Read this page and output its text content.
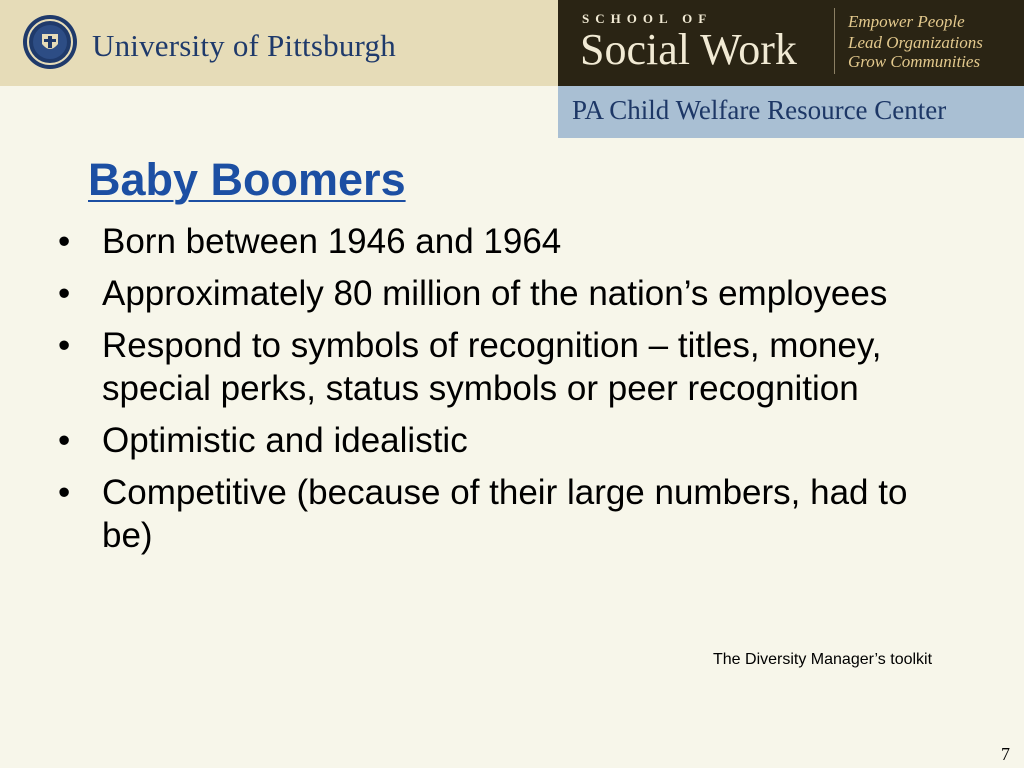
University of Pittsburgh
SCHOOL OF
Social Work
Empower People
Lead Organizations
Grow Communities
PA Child Welfare Resource Center
Baby Boomers
• Born between 1946 and 1964
• Approximately 80 million of the nation’s employees
• Respond to symbols of recognition – titles, money, special perks, status symbols or peer recognition
• Optimistic and idealistic
• Competitive (because of their large numbers, had to be)
The Diversity Manager’s toolkit
7
